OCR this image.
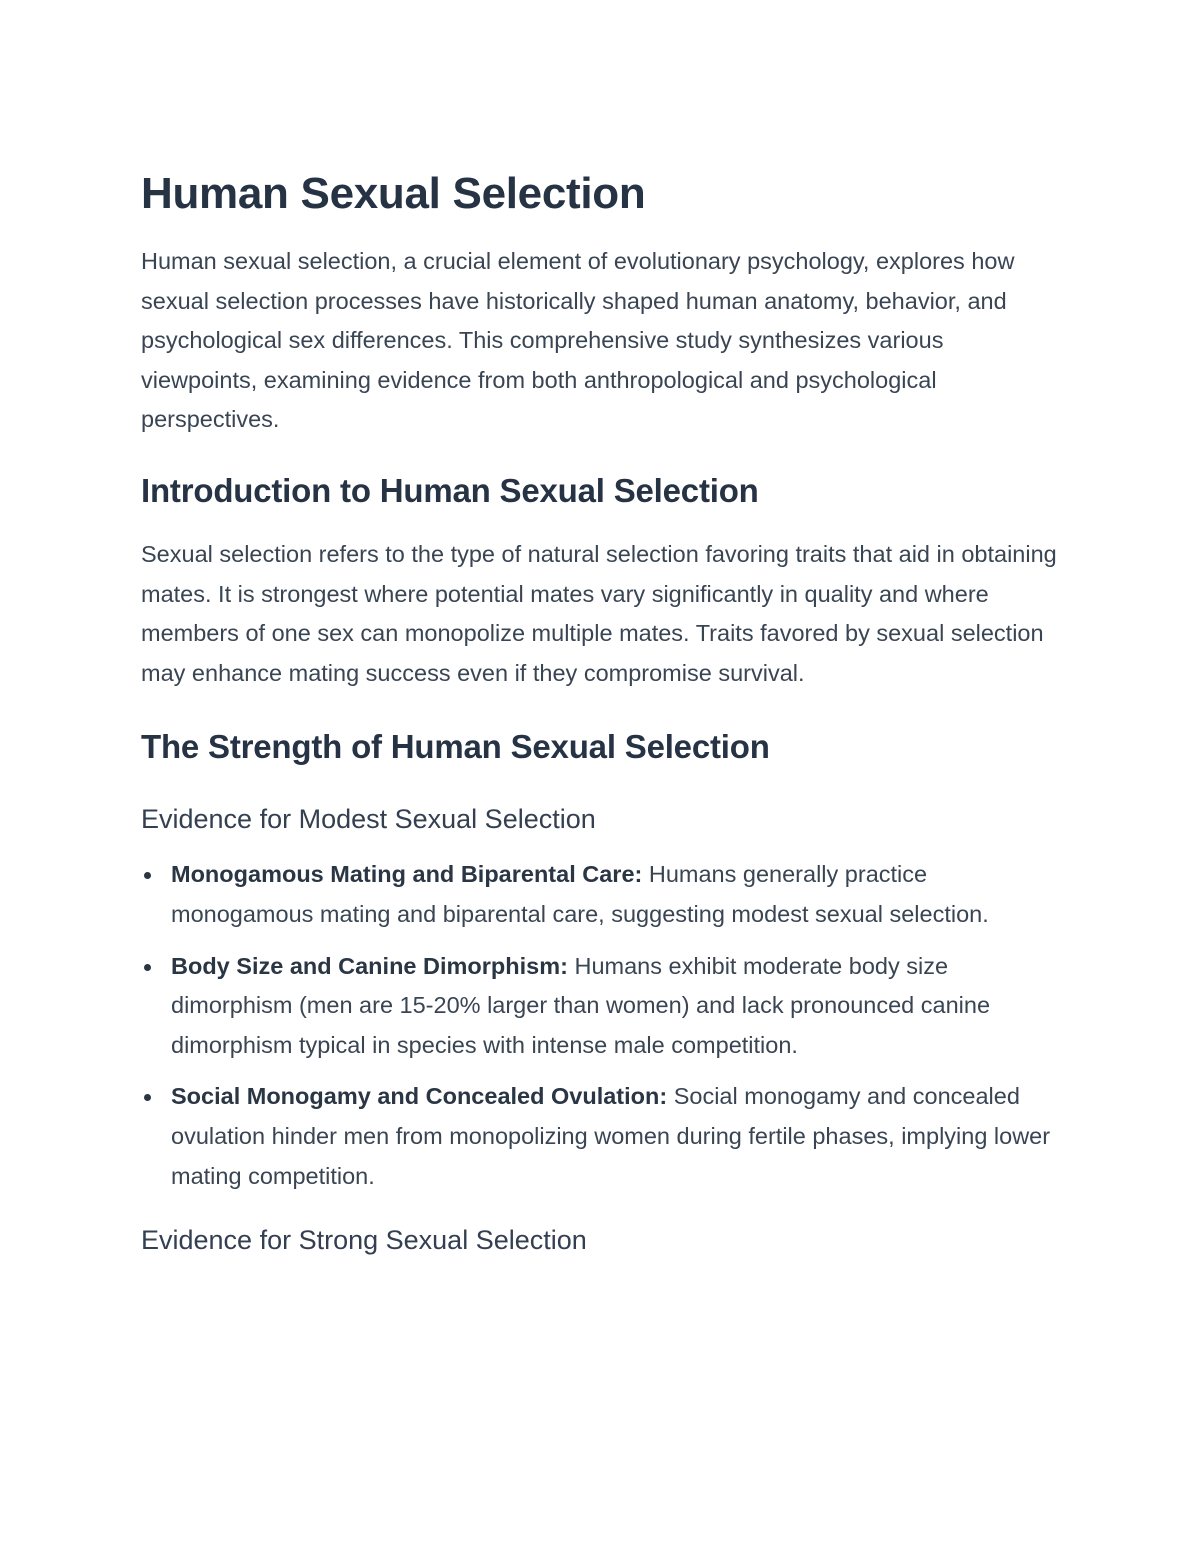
Human Sexual Selection

Human sexual selection, a crucial element of evolutionary psychology, explores how sexual selection processes have historically shaped human anatomy, behavior, and psychological sex differences. This comprehensive study synthesizes various viewpoints, examining evidence from both anthropological and psychological perspectives.

Introduction to Human Sexual Selection

Sexual selection refers to the type of natural selection favoring traits that aid in obtaining mates. It is strongest where potential mates vary significantly in quality and where members of one sex can monopolize multiple mates. Traits favored by sexual selection may enhance mating success even if they compromise survival.

The Strength of Human Sexual Selection
Evidence for Modest Sexual Selection
Monogamous Mating and Biparental Care: Humans generally practice monogamous mating and biparental care, suggesting modest sexual selection.
Body Size and Canine Dimorphism: Humans exhibit moderate body size dimorphism (men are 15-20% larger than women) and lack pronounced canine dimorphism typical in species with intense male competition.
Social Monogamy and Concealed Ovulation: Social monogamy and concealed ovulation hinder men from monopolizing women during fertile phases, implying lower mating competition.
Evidence for Strong Sexual Selection
